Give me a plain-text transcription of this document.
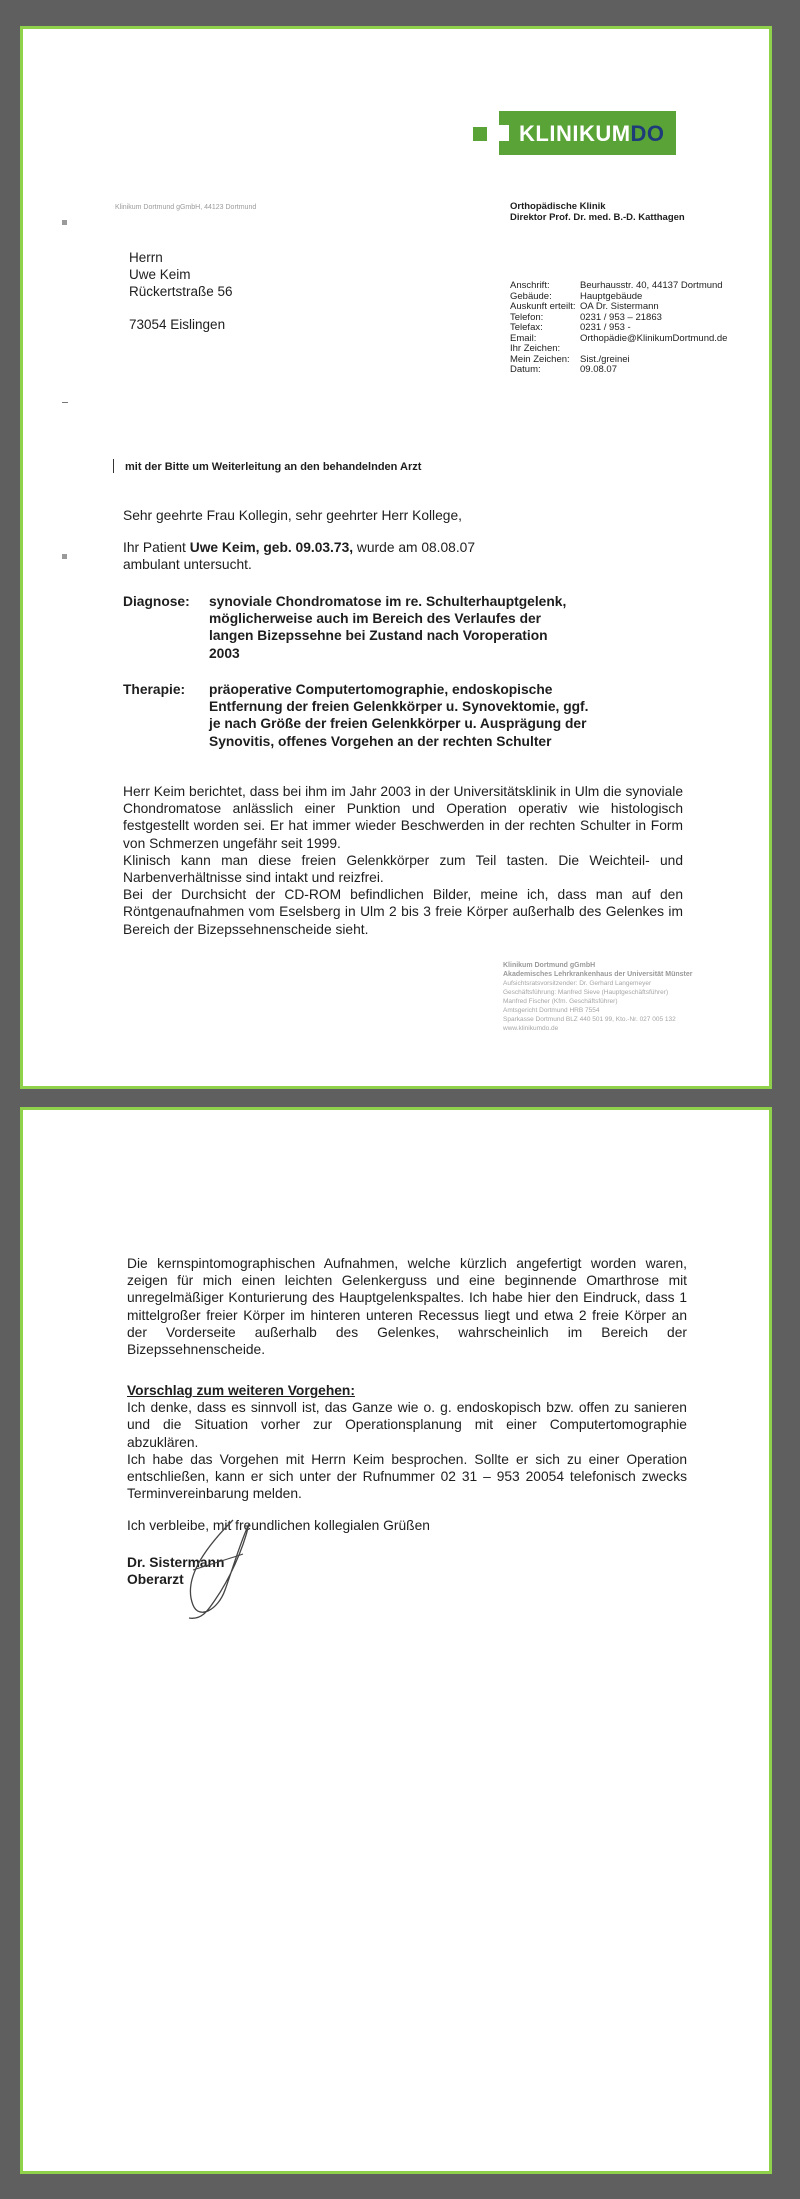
KLINIKUMDO
Klinikum Dortmund gGmbH, 44123 Dortmund	Orthopädische Klinik
Direktor Prof. Dr. med. B.-D. Katthagen
Herrn
Uwe Keim
Rückertstraße 56
73054 Eislingen
Anschrift:	Beurhausstr. 40, 44137 Dortmund
Gebäude:	Hauptgebäude
Auskunft erteilt: OA Dr. Sistermann
Telefon:	0231 / 953 – 21863
Telefax:	0231 / 953 -
Email:	Orthopädie@KlinikumDortmund.de
Ihr Zeichen:
Mein Zeichen:	Sist./greinei
Datum:	09.08.07
mit der Bitte um Weiterleitung an den behandelnden Arzt
Sehr geehrte Frau Kollegin, sehr geehrter Herr Kollege,
Ihr Patient Uwe Keim, geb. 09.03.73, wurde am 08.08.07 ambulant untersucht.
Diagnose:	synoviale Chondromatose im re. Schulterhauptgelenk, möglicherweise auch im Bereich des Verlaufes der langen Bizepssehne bei Zustand nach Voroperation 2003
Therapie:	präoperative Computertomographie, endoskopische Entfernung der freien Gelenkkörper u. Synovektomie, ggf. je nach Größe der freien Gelenkkörper u. Ausprägung der Synovitis, offenes Vorgehen an der rechten Schulter
Herr Keim berichtet, dass bei ihm im Jahr 2003 in der Universitätsklinik in Ulm die synoviale Chondromatose anlässlich einer Punktion und Operation operativ wie histologisch festgestellt worden sei. Er hat immer wieder Beschwerden in der rechten Schulter in Form von Schmerzen ungefähr seit 1999.
Klinisch kann man diese freien Gelenkkörper zum Teil tasten. Die Weichteil- und Narbenverhältnisse sind intakt und reizfrei.
Bei der Durchsicht der CD-ROM befindlichen Bilder, meine ich, dass man auf den Röntgenaufnahmen vom Eselsberg in Ulm 2 bis 3 freie Körper außerhalb des Gelenkes im Bereich der Bizepssehnenscheide sieht.
Klinikum Dortmund gGmbH
Akademisches Lehrkrankenhaus der Universität Münster
Aufsichtsratsvorsitzender: Dr. Gerhard Langemeyer
Geschäftsführung: Manfred Sieve (Hauptgeschäftsführer)
Manfred Fischer (Kfm. Geschäftsführer)
Amtsgericht Dortmund HRB 7554
Sparkasse Dortmund BLZ 440 501 99, Kto.-Nr. 027 005 132
www.klinikumdo.de
Die kernspintomographischen Aufnahmen, welche kürzlich angefertigt worden waren, zeigen für mich einen leichten Gelenkerguss und eine beginnende Omarthrose mit unregelmäßiger Konturierung des Hauptgelenkspaltes. Ich habe hier den Eindruck, dass 1 mittelgroßer freier Körper im hinteren unteren Recessus liegt und etwa 2 freie Körper an der Vorderseite außerhalb des Gelenkes, wahrscheinlich im Bereich der Bizepssehnenscheide.
Vorschlag zum weiteren Vorgehen:
Ich denke, dass es sinnvoll ist, das Ganze wie o. g. endoskopisch bzw. offen zu sanieren und die Situation vorher zur Operationsplanung mit einer Computertomographie abzuklären.
Ich habe das Vorgehen mit Herrn Keim besprochen. Sollte er sich zu einer Operation entschließen, kann er sich unter der Rufnummer 02 31 – 953 20054 telefonisch zwecks Terminvereinbarung melden.
Ich verbleibe, mit freundlichen kollegialen Grüßen
Dr. Sistermann
Oberarzt
